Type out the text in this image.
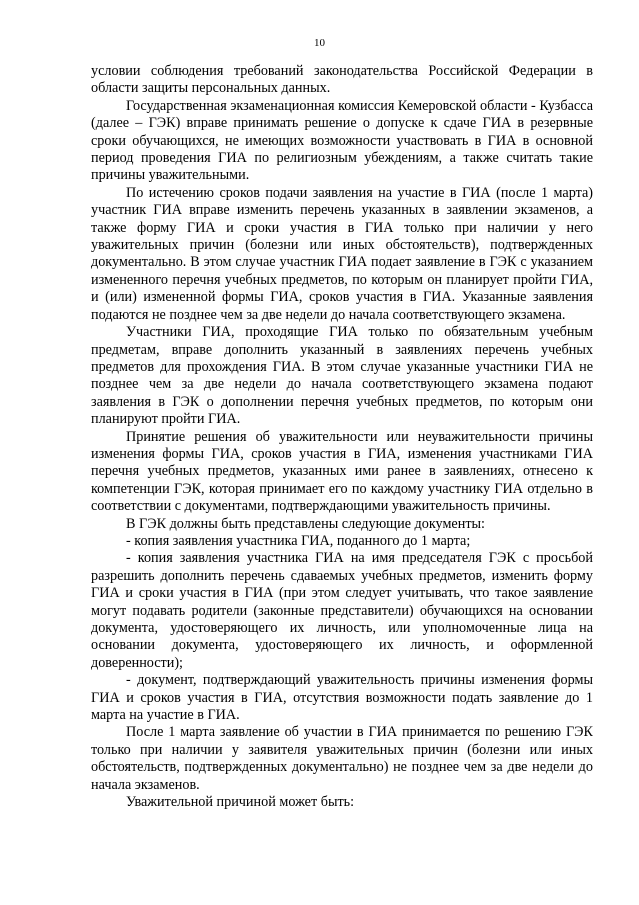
10

условии соблюдения требований законодательства Российской Федерации в области защиты персональных данных.

Государственная экзаменационная комиссия Кемеровской области - Кузбасса (далее – ГЭК) вправе принимать решение о допуске к сдаче ГИА в резервные сроки обучающихся, не имеющих возможности участвовать в ГИА в основной период проведения ГИА по религиозным убеждениям, а также считать такие причины уважительными.

По истечению сроков подачи заявления на участие в ГИА (после 1 марта) участник ГИА вправе изменить перечень указанных в заявлении экзаменов, а также форму ГИА и сроки участия в ГИА только при наличии у него уважительных причин (болезни или иных обстоятельств), подтвержденных документально. В этом случае участник ГИА подает заявление в ГЭК с указанием измененного перечня учебных предметов, по которым он планирует пройти ГИА, и (или) измененной формы ГИА, сроков участия в ГИА. Указанные заявления подаются не позднее чем за две недели до начала соответствующего экзамена.

Участники ГИА, проходящие ГИА только по обязательным учебным предметам, вправе дополнить указанный в заявлениях перечень учебных предметов для прохождения ГИА. В этом случае указанные участники ГИА не позднее чем за две недели до начала соответствующего экзамена подают заявления в ГЭК о дополнении перечня учебных предметов, по которым они планируют пройти ГИА.

Принятие решения об уважительности или неуважительности причины изменения формы ГИА, сроков участия в ГИА, изменения участниками ГИА перечня учебных предметов, указанных ими ранее в заявлениях, отнесено к компетенции ГЭК, которая принимает его по каждому участнику ГИА отдельно в соответствии с документами, подтверждающими уважительность причины.

В ГЭК должны быть представлены следующие документы:

- копия заявления участника ГИА, поданного до 1 марта;

- копия заявления участника ГИА на имя председателя ГЭК с просьбой разрешить дополнить перечень сдаваемых учебных предметов, изменить форму ГИА и сроки участия в ГИА (при этом следует учитывать, что такое заявление могут подавать родители (законные представители) обучающихся на основании документа, удостоверяющего их личность, или уполномоченные лица на основании документа, удостоверяющего их личность, и оформленной доверенности);

- документ, подтверждающий уважительность причины изменения формы ГИА и сроков участия в ГИА, отсутствия возможности подать заявление до 1 марта на участие в ГИА.

После 1 марта заявление об участии в ГИА принимается по решению ГЭК только при наличии у заявителя уважительных причин (болезни или иных обстоятельств, подтвержденных документально) не позднее чем за две недели до начала экзаменов.

Уважительной причиной может быть:
